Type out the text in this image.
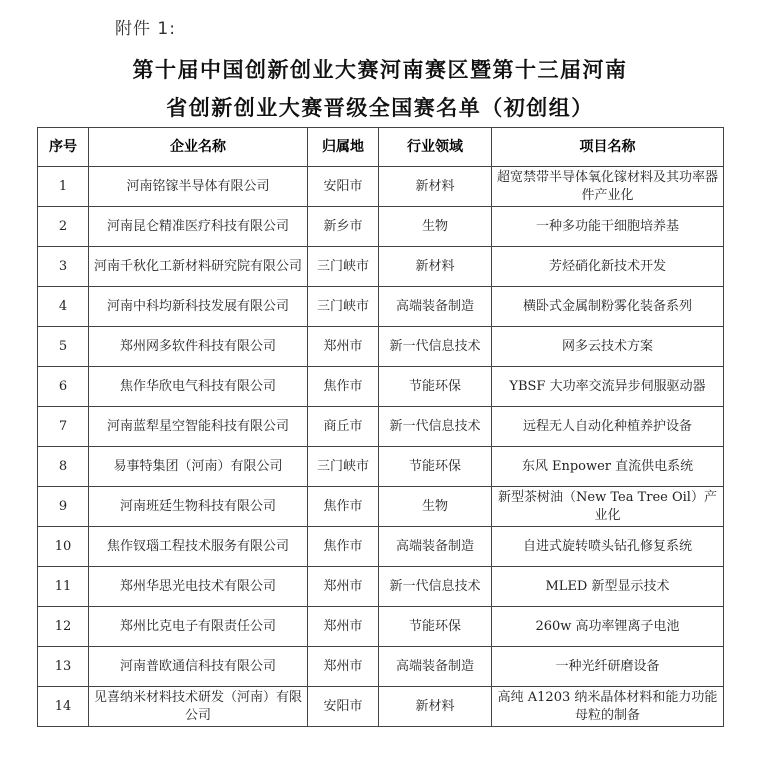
附件 1:
第十届中国创新创业大赛河南赛区暨第十三届河南
省创新创业大赛晋级全国赛名单（初创组）
序号	企业名称	归属地	行业领域	项目名称
1	河南铭镓半导体有限公司	安阳市	新材料	超宽禁带半导体氧化镓材料及其功率器件产业化
2	河南昆仑精准医疗科技有限公司	新乡市	生物	一种多功能干细胞培养基
3	河南千秋化工新材料研究院有限公司	三门峡市	新材料	芳烃硝化新技术开发
4	河南中科均新科技发展有限公司	三门峡市	高端装备制造	横卧式金属制粉雾化装备系列
5	郑州网多软件科技有限公司	郑州市	新一代信息技术	网多云技术方案
6	焦作华欣电气科技有限公司	焦作市	节能环保	YBSF 大功率交流异步伺服驱动器
7	河南蓝犁星空智能科技有限公司	商丘市	新一代信息技术	远程无人自动化种植养护设备
8	易事特集团（河南）有限公司	三门峡市	节能环保	东风 Enpower 直流供电系统
9	河南班廷生物科技有限公司	焦作市	生物	新型茶树油（New Tea Tree Oil）产业化
10	焦作钗瑙工程技术服务有限公司	焦作市	高端装备制造	自进式旋转喷头钻孔修复系统
11	郑州华思光电技术有限公司	郑州市	新一代信息技术	MLED 新型显示技术
12	郑州比克电子有限责任公司	郑州市	节能环保	260w 高功率锂离子电池
13	河南普欧通信科技有限公司	郑州市	高端装备制造	一种光纤研磨设备
14	见喜纳米材料技术研发（河南）有限公司	安阳市	新材料	高纯 A1203 纳米晶体材料和能力功能母粒的制备
